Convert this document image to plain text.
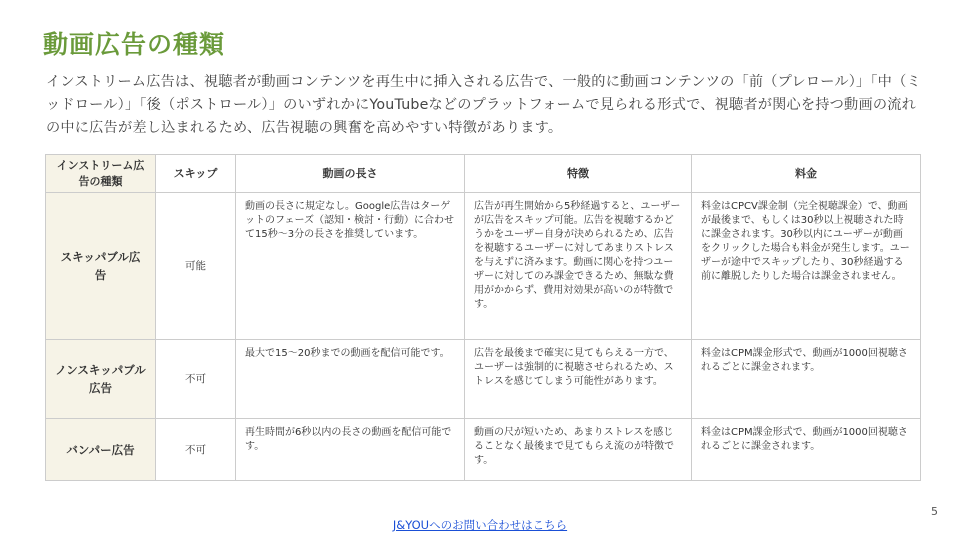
動画広告の種類

インストリーム広告は、視聴者が動画コンテンツを再生中に挿入される広告で、一般的に動画コンテンツの「前（プレロール）」「中（ミッドロール）」「後（ポストロール）」のいずれかにYouTubeなどのプラットフォームで見られる形式で、視聴者が関心を持つ動画の流れの中に広告が差し込まれるため、広告視聴の興奮を高めやすい特徴があります。

インストリーム広告の種類	スキップ	動画の長さ	特徴	料金
スキッパブル広告	可能	動画の長さに規定なし。Google広告はターゲットのフェーズ（認知・検討・行動）に合わせて15秒〜3分の長さを推奨しています。	広告が再生開始から5秒経過すると、ユーザーが広告をスキップ可能。広告を視聴するかどうかをユーザー自身が決められるため、広告を視聴するユーザーに対してあまりストレスを与えずに済みます。動画に関心を持つユーザーに対してのみ課金できるため、無駄な費用がかからず、費用対効果が高いのが特徴です。	料金はCPCV課金制（完全視聴課金）で、動画が最後まで、もしくは30秒以上視聴された時に課金されます。30秒以内にユーザーが動画をクリックした場合も料金が発生します。ユーザーが途中でスキップしたり、30秒経過する前に離脱したりした場合は課金されません。
ノンスキッパブル広告	不可	最大で15〜20秒までの動画を配信可能です。	広告を最後まで確実に見てもらえる一方で、ユーザーは強制的に視聴させられるため、ストレスを感じてしまう可能性があります。	料金はCPM課金形式で、動画が1000回視聴されるごとに課金されます。
バンパー広告	不可	再生時間が6秒以内の長さの動画を配信可能です。	動画の尺が短いため、あまりストレスを感じることなく最後まで見てもらえ流のが特徴です。	料金はCPM課金形式で、動画が1000回視聴されるごとに課金されます。
5
J&YOUへのお問い合わせはこちら
